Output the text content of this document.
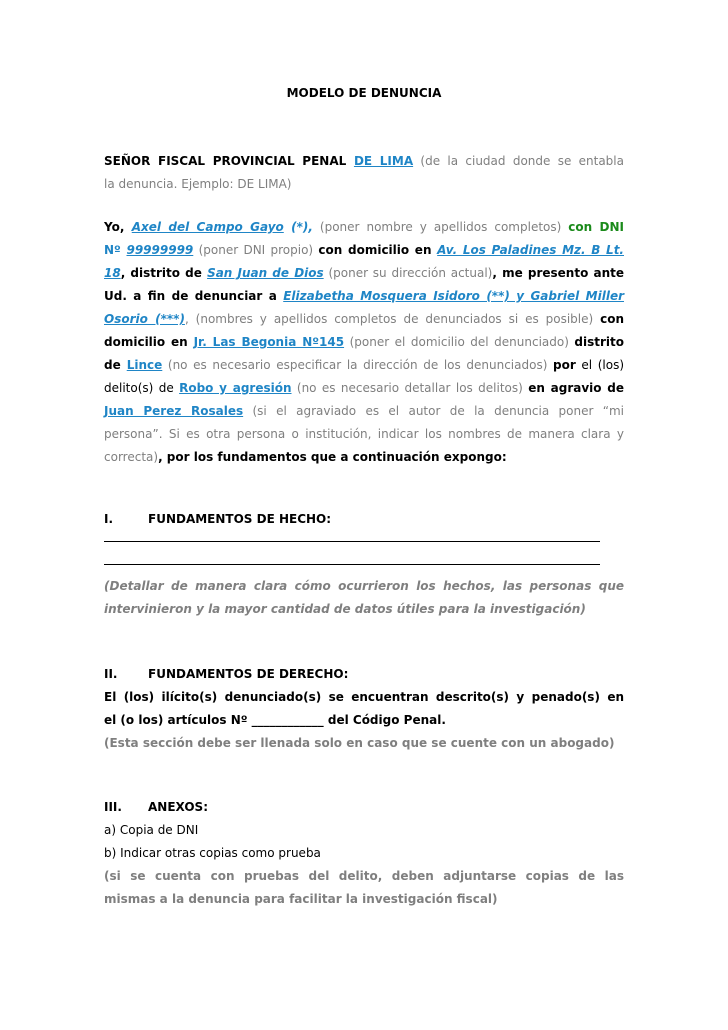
MODELO DE DENUNCIA
SEÑOR FISCAL PROVINCIAL PENAL DE LIMA (de la ciudad donde se entabla
la denuncia. Ejemplo: DE LIMA)
Yo, Axel del Campo Gayo (*), (poner nombre y apellidos completos) con DNI
Nº 99999999 (poner DNI propio) con domicilio en Av. Los Paladines Mz. B Lt.
18, distrito de San Juan de Dios (poner su dirección actual), me presento ante
Ud. a fin de denunciar a Elizabetha Mosquera Isidoro (**) y Gabriel Miller
Osorio (***), (nombres y apellidos completos de denunciados si es posible) con
domicilio en Jr. Las Begonia Nº145 (poner el domicilio del denunciado) distrito
de Lince (no es necesario especificar la dirección de los denunciados) por el (los)
delito(s) de Robo y agresión (no es necesario detallar los delitos) en agravio de
Juan Perez Rosales (si el agraviado es el autor de la denuncia poner “mi
persona”. Si es otra persona o institución, indicar los nombres de manera clara y
correcta), por los fundamentos que a continuación expongo:
I.	FUNDAMENTOS DE HECHO:
(Detallar de manera clara cómo ocurrieron los hechos, las personas que
intervinieron y la mayor cantidad de datos útiles para la investigación)
II.	FUNDAMENTOS DE DERECHO:
El (los) ilícito(s) denunciado(s) se encuentran descrito(s) y penado(s) en
el (o los) artículos Nº ____________ del Código Penal.
(Esta sección debe ser llenada solo en caso que se cuente con un abogado)
III. ANEXOS:
a) Copia de DNI
b) Indicar otras copias como prueba
(si se cuenta con pruebas del delito, deben adjuntarse copias de las
mismas a la denuncia para facilitar la investigación fiscal)
